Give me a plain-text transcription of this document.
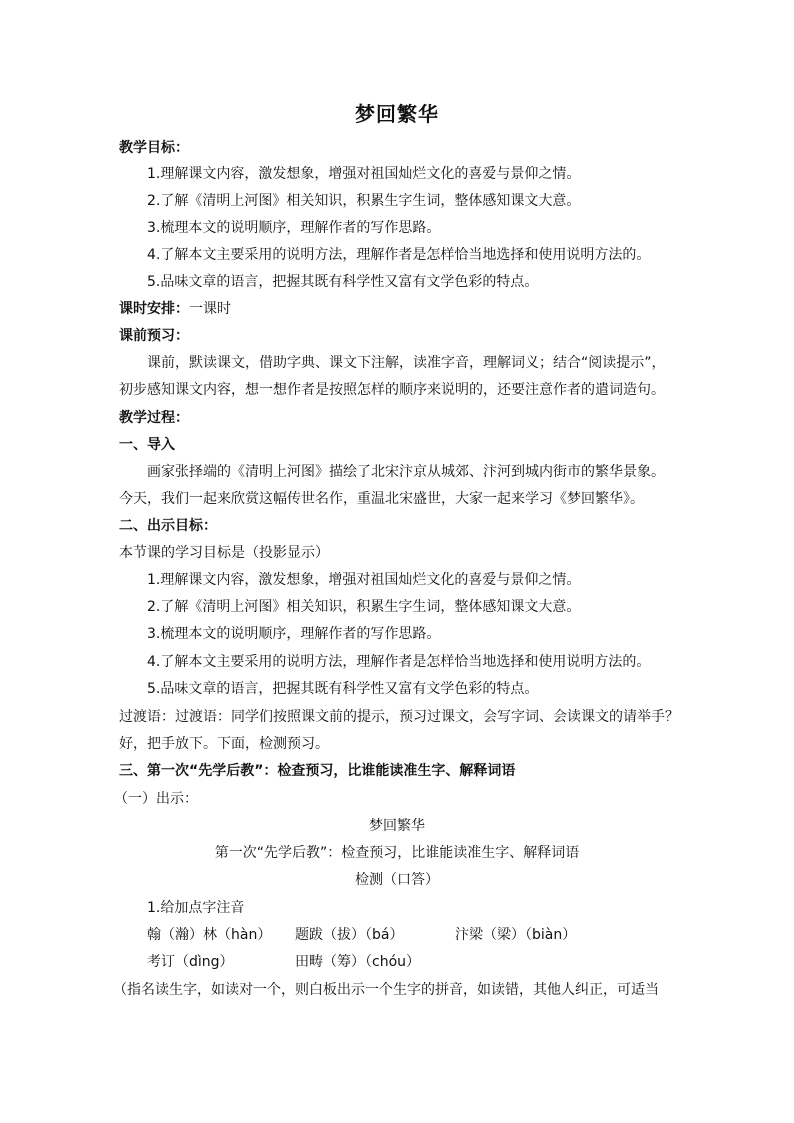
梦回繁华
教学目标：
1.理解课文内容，激发想象，增强对祖国灿烂文化的喜爱与景仰之情。
2.了解《清明上河图》相关知识，积累生字生词，整体感知课文大意。
3.梳理本文的说明顺序，理解作者的写作思路。
4.了解本文主要采用的说明方法，理解作者是怎样恰当地选择和使用说明方法的。
5.品味文章的语言，把握其既有科学性又富有文学色彩的特点。
课时安排：一课时
课前预习：
课前，默读课文，借助字典、课文下注解，读准字音，理解词义；结合“阅读提示”，
初步感知课文内容，想一想作者是按照怎样的顺序来说明的，还要注意作者的遣词造句。
教学过程：
一、导入
画家张择端的《清明上河图》描绘了北宋汴京从城郊、汴河到城内街市的繁华景象。
今天，我们一起来欣赏这幅传世名作，重温北宋盛世，大家一起来学习《梦回繁华》。
二、出示目标：
本节课的学习目标是（投影显示）
1.理解课文内容，激发想象，增强对祖国灿烂文化的喜爱与景仰之情。
2.了解《清明上河图》相关知识，积累生字生词，整体感知课文大意。
3.梳理本文的说明顺序，理解作者的写作思路。
4.了解本文主要采用的说明方法，理解作者是怎样恰当地选择和使用说明方法的。
5.品味文章的语言，把握其既有科学性又富有文学色彩的特点。
过渡语：过渡语：同学们按照课文前的提示，预习过课文，会写字词、会读课文的请举手？
好，把手放下。下面，检测预习。
三、第一次“先学后教”：检查预习，比谁能读准生字、解释词语
（一）出示：
梦回繁华
第一次“先学后教”：检查预习，比谁能读准生字、解释词语
检测（口答）
1.给加点字注音
翰（瀚）林（hàn） 题跋（拔）（bá）	汴梁（梁）（biàn）
考订（dìng）	田畴（筹）（chóu）
（指名读生字，如读对一个，则白板出示一个生字的拼音，如读错，其他人纠正，可适当
